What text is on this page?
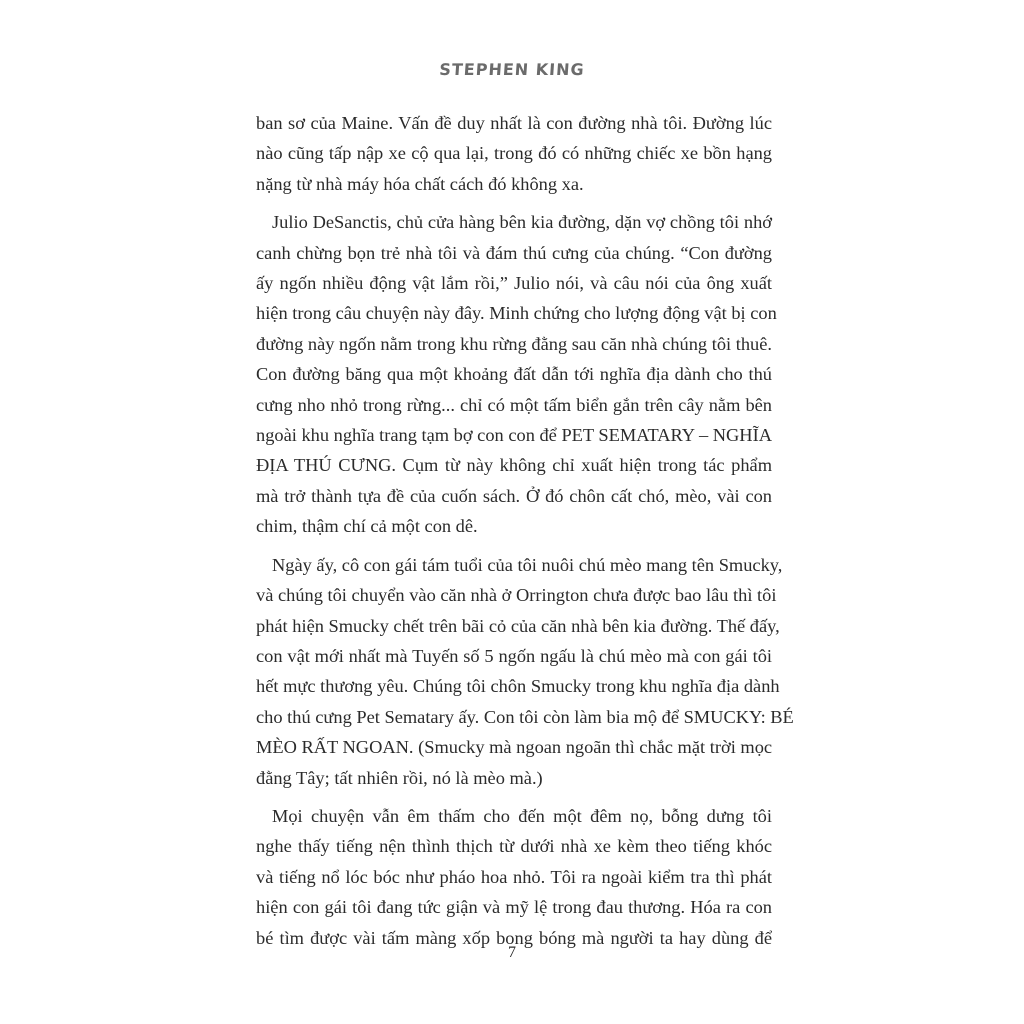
STEPHEN KING

ban sơ của Maine. Vấn đề duy nhất là con đường nhà tôi. Đường lúc
nào cũng tấp nập xe cộ qua lại, trong đó có những chiếc xe bồn hạng
nặng từ nhà máy hóa chất cách đó không xa.

Julio DeSanctis, chủ cửa hàng bên kia đường, dặn vợ chồng tôi nhớ
canh chừng bọn trẻ nhà tôi và đám thú cưng của chúng. “Con đường
ấy ngốn nhiều động vật lắm rồi,” Julio nói, và câu nói của ông xuất
hiện trong câu chuyện này đây. Minh chứng cho lượng động vật bị con
đường này ngốn nằm trong khu rừng đằng sau căn nhà chúng tôi thuê.
Con đường băng qua một khoảng đất dẫn tới nghĩa địa dành cho thú
cưng nho nhỏ trong rừng... chỉ có một tấm biển gắn trên cây nằm bên
ngoài khu nghĩa trang tạm bợ con con để PET SEMATARY – NGHĨA
ĐỊA THÚ CƯNG. Cụm từ này không chỉ xuất hiện trong tác phẩm
mà trở thành tựa đề của cuốn sách. Ở đó chôn cất chó, mèo, vài con
chim, thậm chí cả một con dê.

Ngày ấy, cô con gái tám tuổi của tôi nuôi chú mèo mang tên Smucky,
và chúng tôi chuyển vào căn nhà ở Orrington chưa được bao lâu thì tôi
phát hiện Smucky chết trên bãi cỏ của căn nhà bên kia đường. Thế đấy,
con vật mới nhất mà Tuyến số 5 ngốn ngấu là chú mèo mà con gái tôi
hết mực thương yêu. Chúng tôi chôn Smucky trong khu nghĩa địa dành
cho thú cưng Pet Sematary ấy. Con tôi còn làm bia mộ để SMUCKY: BÉ
MÈO RẤT NGOAN. (Smucky mà ngoan ngoãn thì chắc mặt trời mọc
đằng Tây; tất nhiên rồi, nó là mèo mà.)

Mọi chuyện vẫn êm thấm cho đến một đêm nọ, bỗng dưng tôi
nghe thấy tiếng nện thình thịch từ dưới nhà xe kèm theo tiếng khóc
và tiếng nổ lóc bóc như pháo hoa nhỏ. Tôi ra ngoài kiểm tra thì phát
hiện con gái tôi đang tức giận và mỹ lệ trong đau thương. Hóa ra con
bé tìm được vài tấm màng xốp bong bóng mà người ta hay dùng để

7
